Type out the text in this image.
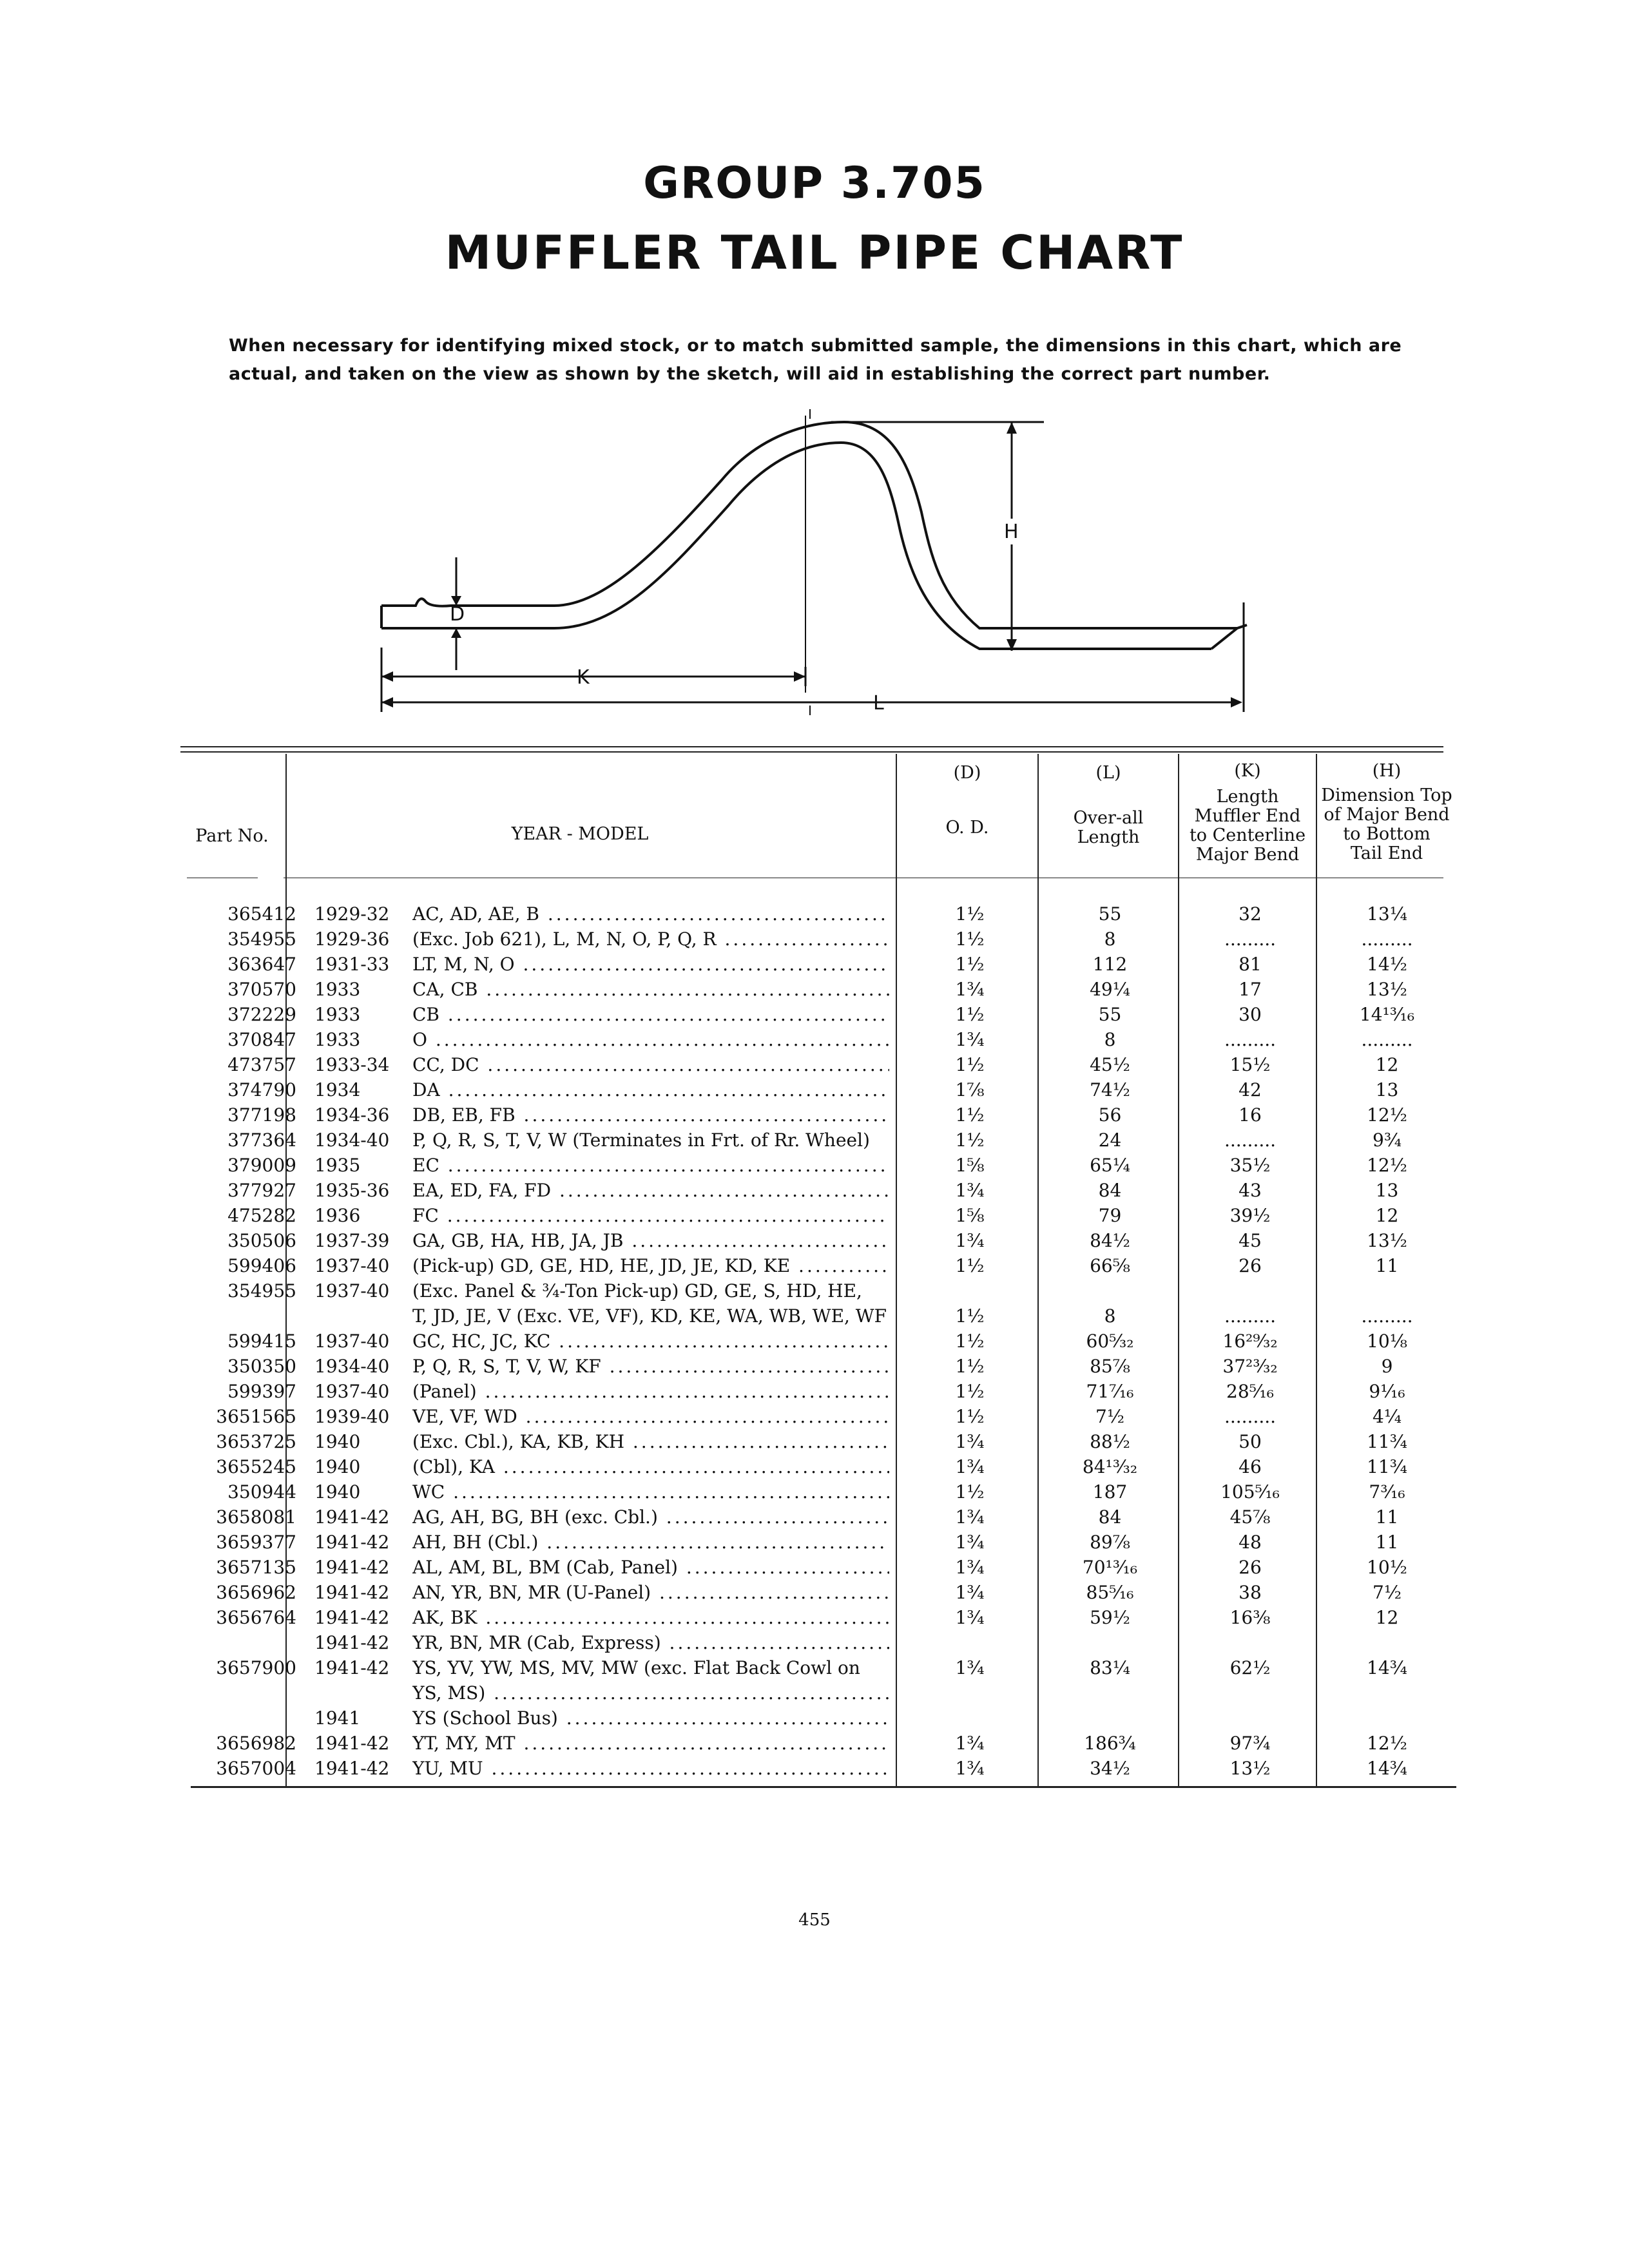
GROUP 3.705
MUFFLER TAIL PIPE CHART
When necessary for identifying mixed stock, or to match submitted sample, the dimensions in this chart, which are actual, and taken on the view as shown by the sketch, will aid in establishing the correct part number.
D
K
L
H
Part No.	YEAR - MODEL
(D)
O. D.
(L)
Over-all
Length
(K)
Length
Muffler End
to Centerline
Major Bend
(H)
Dimension Top
of Major Bend
to Bottom
Tail End
365412 1929-32 AC, AD, AE, B .....	1½	55	32	13¼
354955 1929-36 (Exc. Job 621), L, M, N, O, P, Q, R .....	1½	8	.........	.........
363647 1931-33 LT, M, N, O .....	1½	112	81	14½
370570 1933	CA, CB .....	1¾	49¼	17	13½
372229 1933	CB .....	1½	55	30	14¹³⁄₁₆
370847 1933	O .....	1¾	8	.........	.........
473757 1933-34 CC, DC .....	1½	45½	15½	12
374790 1934	DA .....	1⅞	74½	42	13
377198 1934-36 DB, EB, FB .....	1½	56	16	12½
377364 1934-40 P, Q, R, S, T, V, W (Terminates in Frt. of Rr. Wheel)	1½	24	.........	9¾
379009 1935	EC .....	1⅝	65¼	35½	12½
377927 1935-36 EA, ED, FA, FD .....	1¾	84	43	13
475282 1936	FC .....	1⅝	79	39½	12
350506 1937-39 GA, GB, HA, HB, JA, JB .....	1¾	84½	45	13½
599406 1937-40 (Pick-up) GD, GE, HD, HE, JD, JE, KD, KE .....	1½	66⅝	26	11
354955 1937-40 (Exc. Panel & ¾-Ton Pick-up) GD, GE, S, HD, HE,
T, JD, JE, V (Exc. VE, VF), KD, KE, WA, WB, WE, WF	1½	8	.........	.........
599415 1937-40 GC, HC, JC, KC .....	1½	60⁵⁄₃₂	16²⁹⁄₃₂	10⅛
350350 1934-40 P, Q, R, S, T, V, W, KF .....	1½	85⅞	37²³⁄₃₂	9
599397 1937-40 (Panel) .....	1½	71⁷⁄₁₆	28⁵⁄₁₆	9¹⁄₁₆
3651565 1939-40 VE, VF, WD .....	1½	7½	.........	4¼
3653725 1940	(Exc. Cbl.), KA, KB, KH .....	1¾	88½	50	11¾
3655245 1940	(Cbl), KA .....	1¾	84¹³⁄₃₂	46	11¾
350944 1940	WC .....	1½	187	105⁵⁄₁₆	7³⁄₁₆
3658081 1941-42 AG, AH, BG, BH (exc. Cbl.) .....	1¾	84	45⅞	11
3659377 1941-42 AH, BH (Cbl.) .....	1¾	89⅞	48	11
3657135 1941-42 AL, AM, BL, BM (Cab, Panel) .....	1¾	70¹³⁄₁₆	26	10½
3656962 1941-42 AN, YR, BN, MR (U-Panel) .....	1¾	85⁵⁄₁₆	38	7½
3656764 1941-42 AK, BK .....	1¾	59½	16⅜	12
1941-42 YR, BN, MR (Cab, Express) .....
3657900 1941-42 YS, YV, YW, MS, MV, MW (exc. Flat Back Cowl on	1¾	83¼	62½	14¾
YS, MS) .....
1941	YS (School Bus) .....
3656982 1941-42 YT, MY, MT .....	1¾	186¾	97¾	12½
3657004 1941-42 YU, MU .....	1¾	34½	13½	14¾
455
